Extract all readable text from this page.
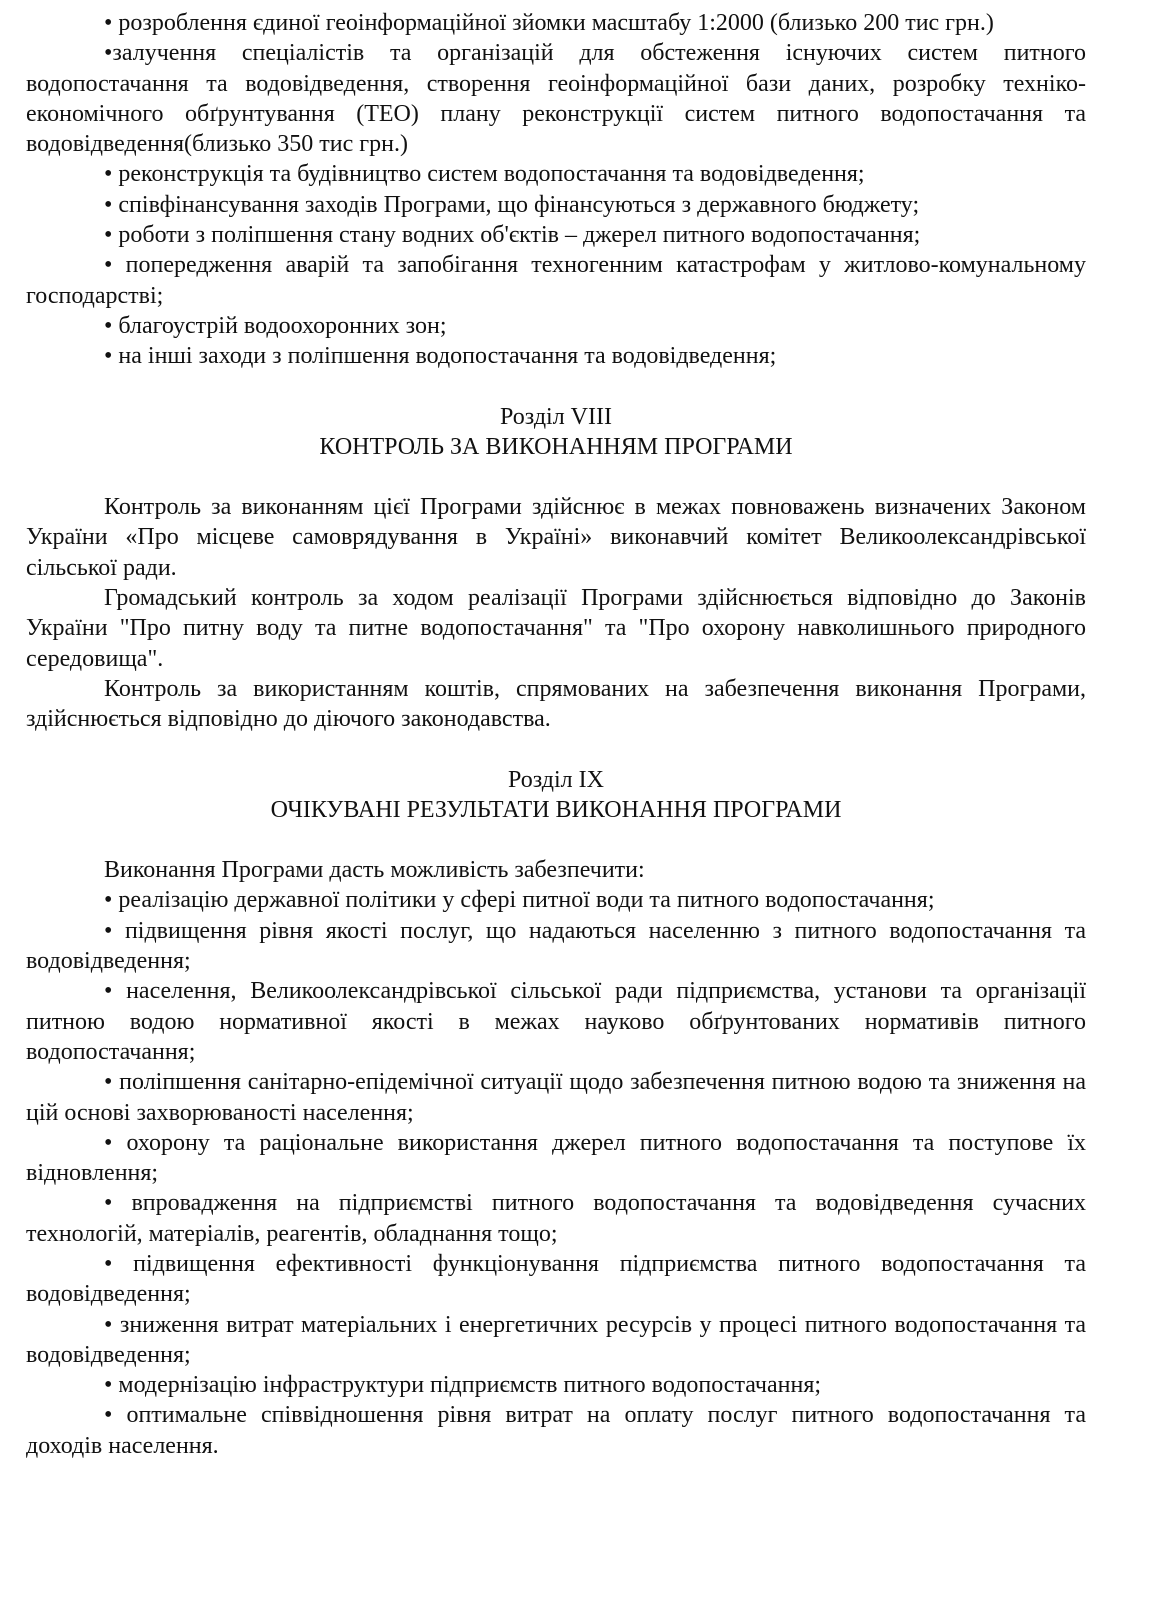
• розроблення єдиної геоінформаційної зйомки масштабу 1:2000 (близько 200 тис грн.)

•залучення спеціалістів та організацій для обстеження існуючих систем питного водопостачання та водовідведення, створення геоінформаційної бази даних, розробку техніко-економічного обґрунтування (ТЕО) плану реконструкції систем питного водопостачання та водовідведення(близько 350 тис грн.)

• реконструкція та будівництво систем водопостачання та водовідведення;

• співфінансування заходів Програми, що фінансуються з державного бюджету;

• роботи з поліпшення стану водних об'єктів – джерел питного водопостачання;

• попередження аварій та запобігання техногенним катастрофам у житлово-комунальному господарстві;

• благоустрій водоохоронних зон;

• на інші заходи з поліпшення водопостачання та водовідведення;

Розділ VIII

КОНТРОЛЬ ЗА ВИКОНАННЯМ ПРОГРАМИ

Контроль за виконанням цієї Програми здійснює в межах повноважень визначених Законом України «Про місцеве самоврядування в Україні» виконавчий комітет Великоолександрівської сільської ради.

Громадський контроль за ходом реалізації Програми здійснюється відповідно до Законів України "Про питну воду та питне водопостачання" та "Про охорону навколишнього природного середовища".

Контроль за використанням коштів, спрямованих на забезпечення виконання Програми, здійснюється відповідно до діючого законодавства.

Розділ IX

ОЧІКУВАНІ РЕЗУЛЬТАТИ ВИКОНАННЯ ПРОГРАМИ

Виконання Програми дасть можливість забезпечити:

• реалізацію державної політики у сфері питної води та питного водопостачання;

• підвищення рівня якості послуг, що надаються населенню з питного водопостачання та водовідведення;

• населення, Великоолександрівської сільської ради підприємства, установи та організації питною водою нормативної якості в межах науково обґрунтованих нормативів питного водопостачання;

• поліпшення санітарно-епідемічної ситуації щодо забезпечення питною водою та зниження на цій основі захворюваності населення;

• охорону та раціональне використання джерел питного водопостачання та поступове їх відновлення;

• впровадження на підприємстві питного водопостачання та водовідведення сучасних технологій, матеріалів, реагентів, обладнання тощо;

• підвищення ефективності функціонування підприємства питного водопостачання та водовідведення;

• зниження витрат матеріальних і енергетичних ресурсів у процесі питного водопостачання та водовідведення;

• модернізацію інфраструктури підприємств питного водопостачання;

• оптимальне співвідношення рівня витрат на оплату послуг питного водопостачання та доходів населення.
